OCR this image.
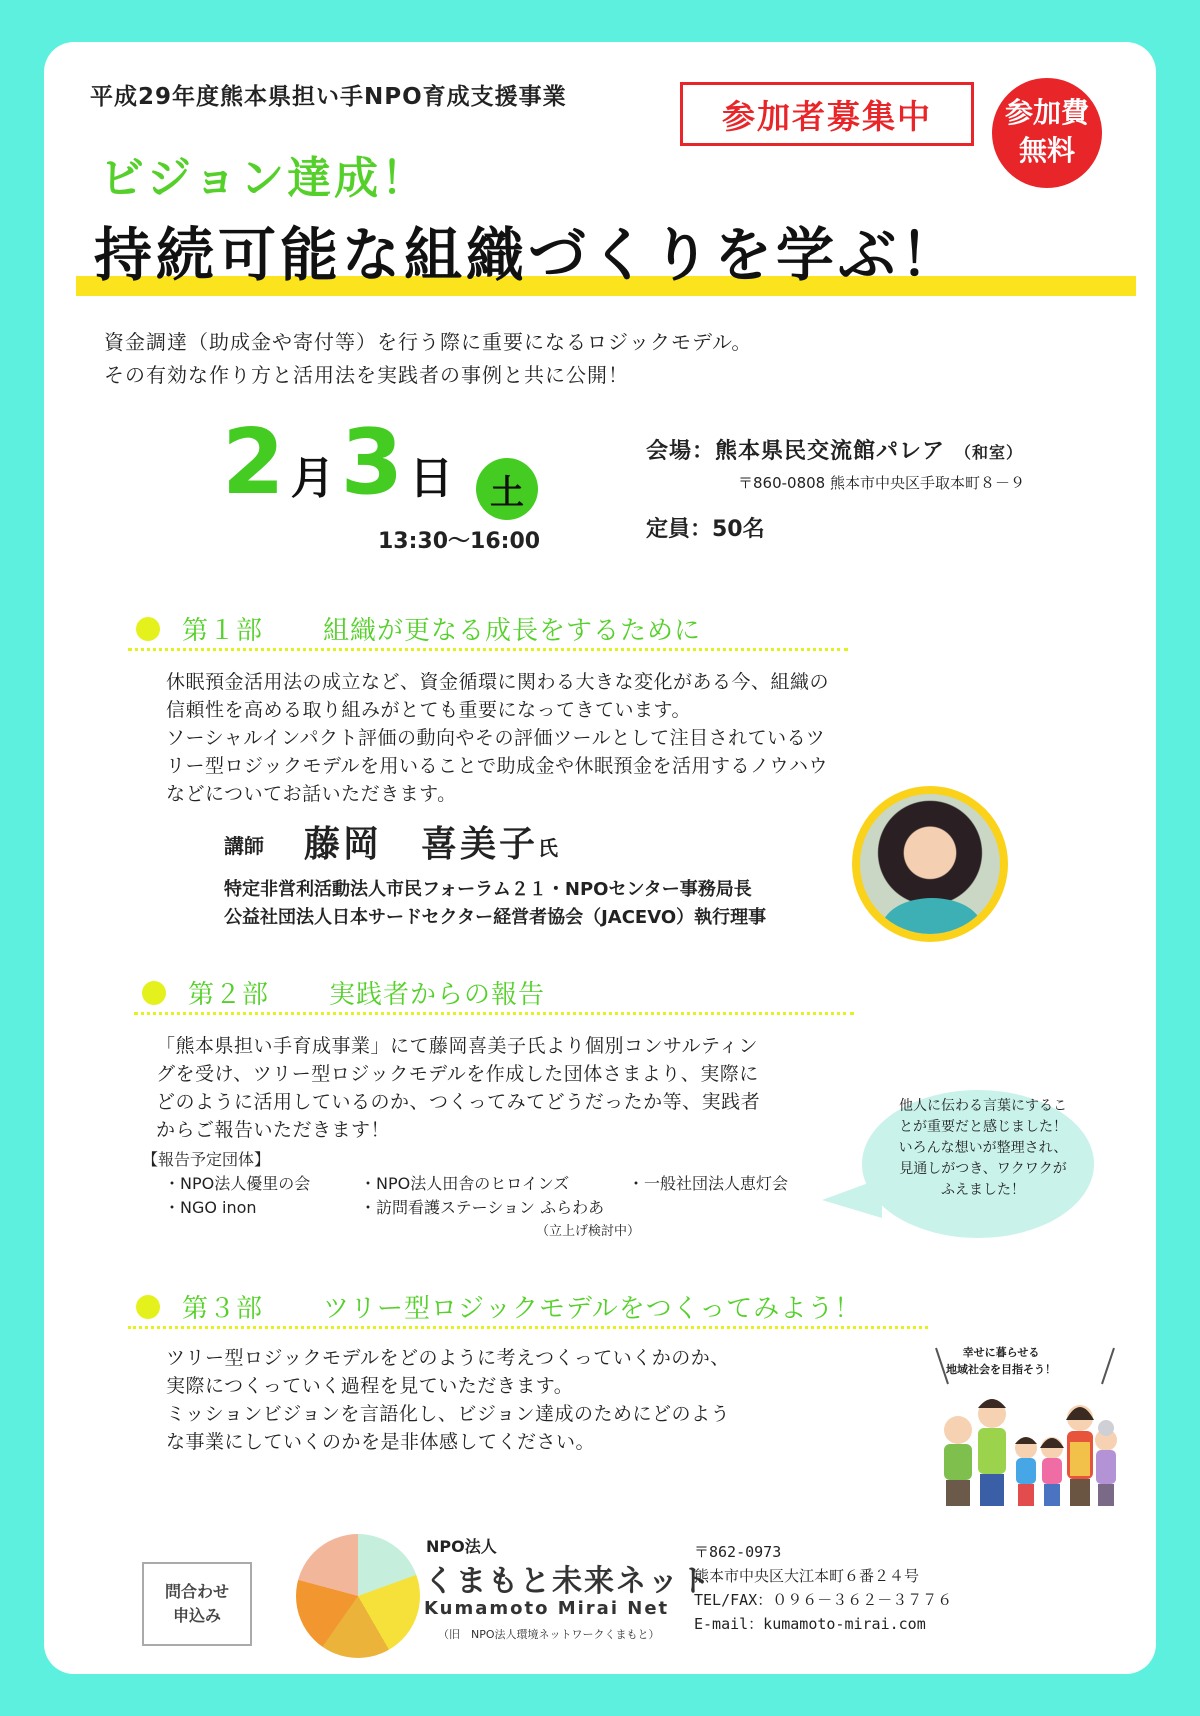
平成29年度熊本県担い手NPO育成支援事業	参加者募集中	参加費
無料
ビジョン達成！
持続可能な組織づくりを学ぶ！
資金調達（助成金や寄付等）を行う際に重要になるロジックモデル。
その有効な作り方と活用法を実践者の事例と共に公開！
2 月 3 日	土
13:30〜16:00
会場：熊本県民交流館パレア （和室）
〒860-0808 熊本市中央区手取本町８－９
定員：50名
第１部 組織が更なる成長をするために
休眠預金活用法の成立など、資金循環に関わる大きな変化がある今、組織の
信頼性を高める取り組みがとても重要になってきています。
ソーシャルインパクト評価の動向やその評価ツールとして注目されているツ
リー型ロジックモデルを用いることで助成金や休眠預金を活用するノウハウ
などについてお話いただきます。
講師 藤岡　喜美子 氏
特定非営利活動法人市民フォーラム２１・NPOセンター事務局長
公益社団法人日本サードセクター経営者協会（JACEVO）執行理事
第２部 実践者からの報告
「熊本県担い手育成事業」にて藤岡喜美子氏より個別コンサルティン
グを受け、ツリー型ロジックモデルを作成した団体さまより、実際に
どのように活用しているのか、つくってみてどうだったか等、実践者
からご報告いただきます！
【報告予定団体】
・NPO法人優里の会	・NPO法人田舎のヒロインズ	・一般社団法人恵灯会
・NGO inon	・訪問看護ステーション ふらわあ
（立上げ検討中）
他人に伝わる言葉にするこ
とが重要だと感じました！
いろんな想いが整理され、
見通しがつき、ワクワクが
ふえました！
第３部 ツリー型ロジックモデルをつくってみよう！
ツリー型ロジックモデルをどのように考えつくっていくかのか、
実際につくっていく過程を見ていただきます。
ミッションビジョンを言語化し、ビジョン達成のためにどのよう
な事業にしていくのかを是非体感してください。
幸せに暮らせる
地域社会を目指そう！
問合わせ
申込み
NPO法人
くまもと未来ネット
Kumamoto Mirai Net
（旧　NPO法人環境ネットワークくまもと）
〒862-0973
熊本市中央区大江本町６番２４号
TEL/FAX：０９６－３６２－３７７６
E-mail：kumamoto-mirai.com
